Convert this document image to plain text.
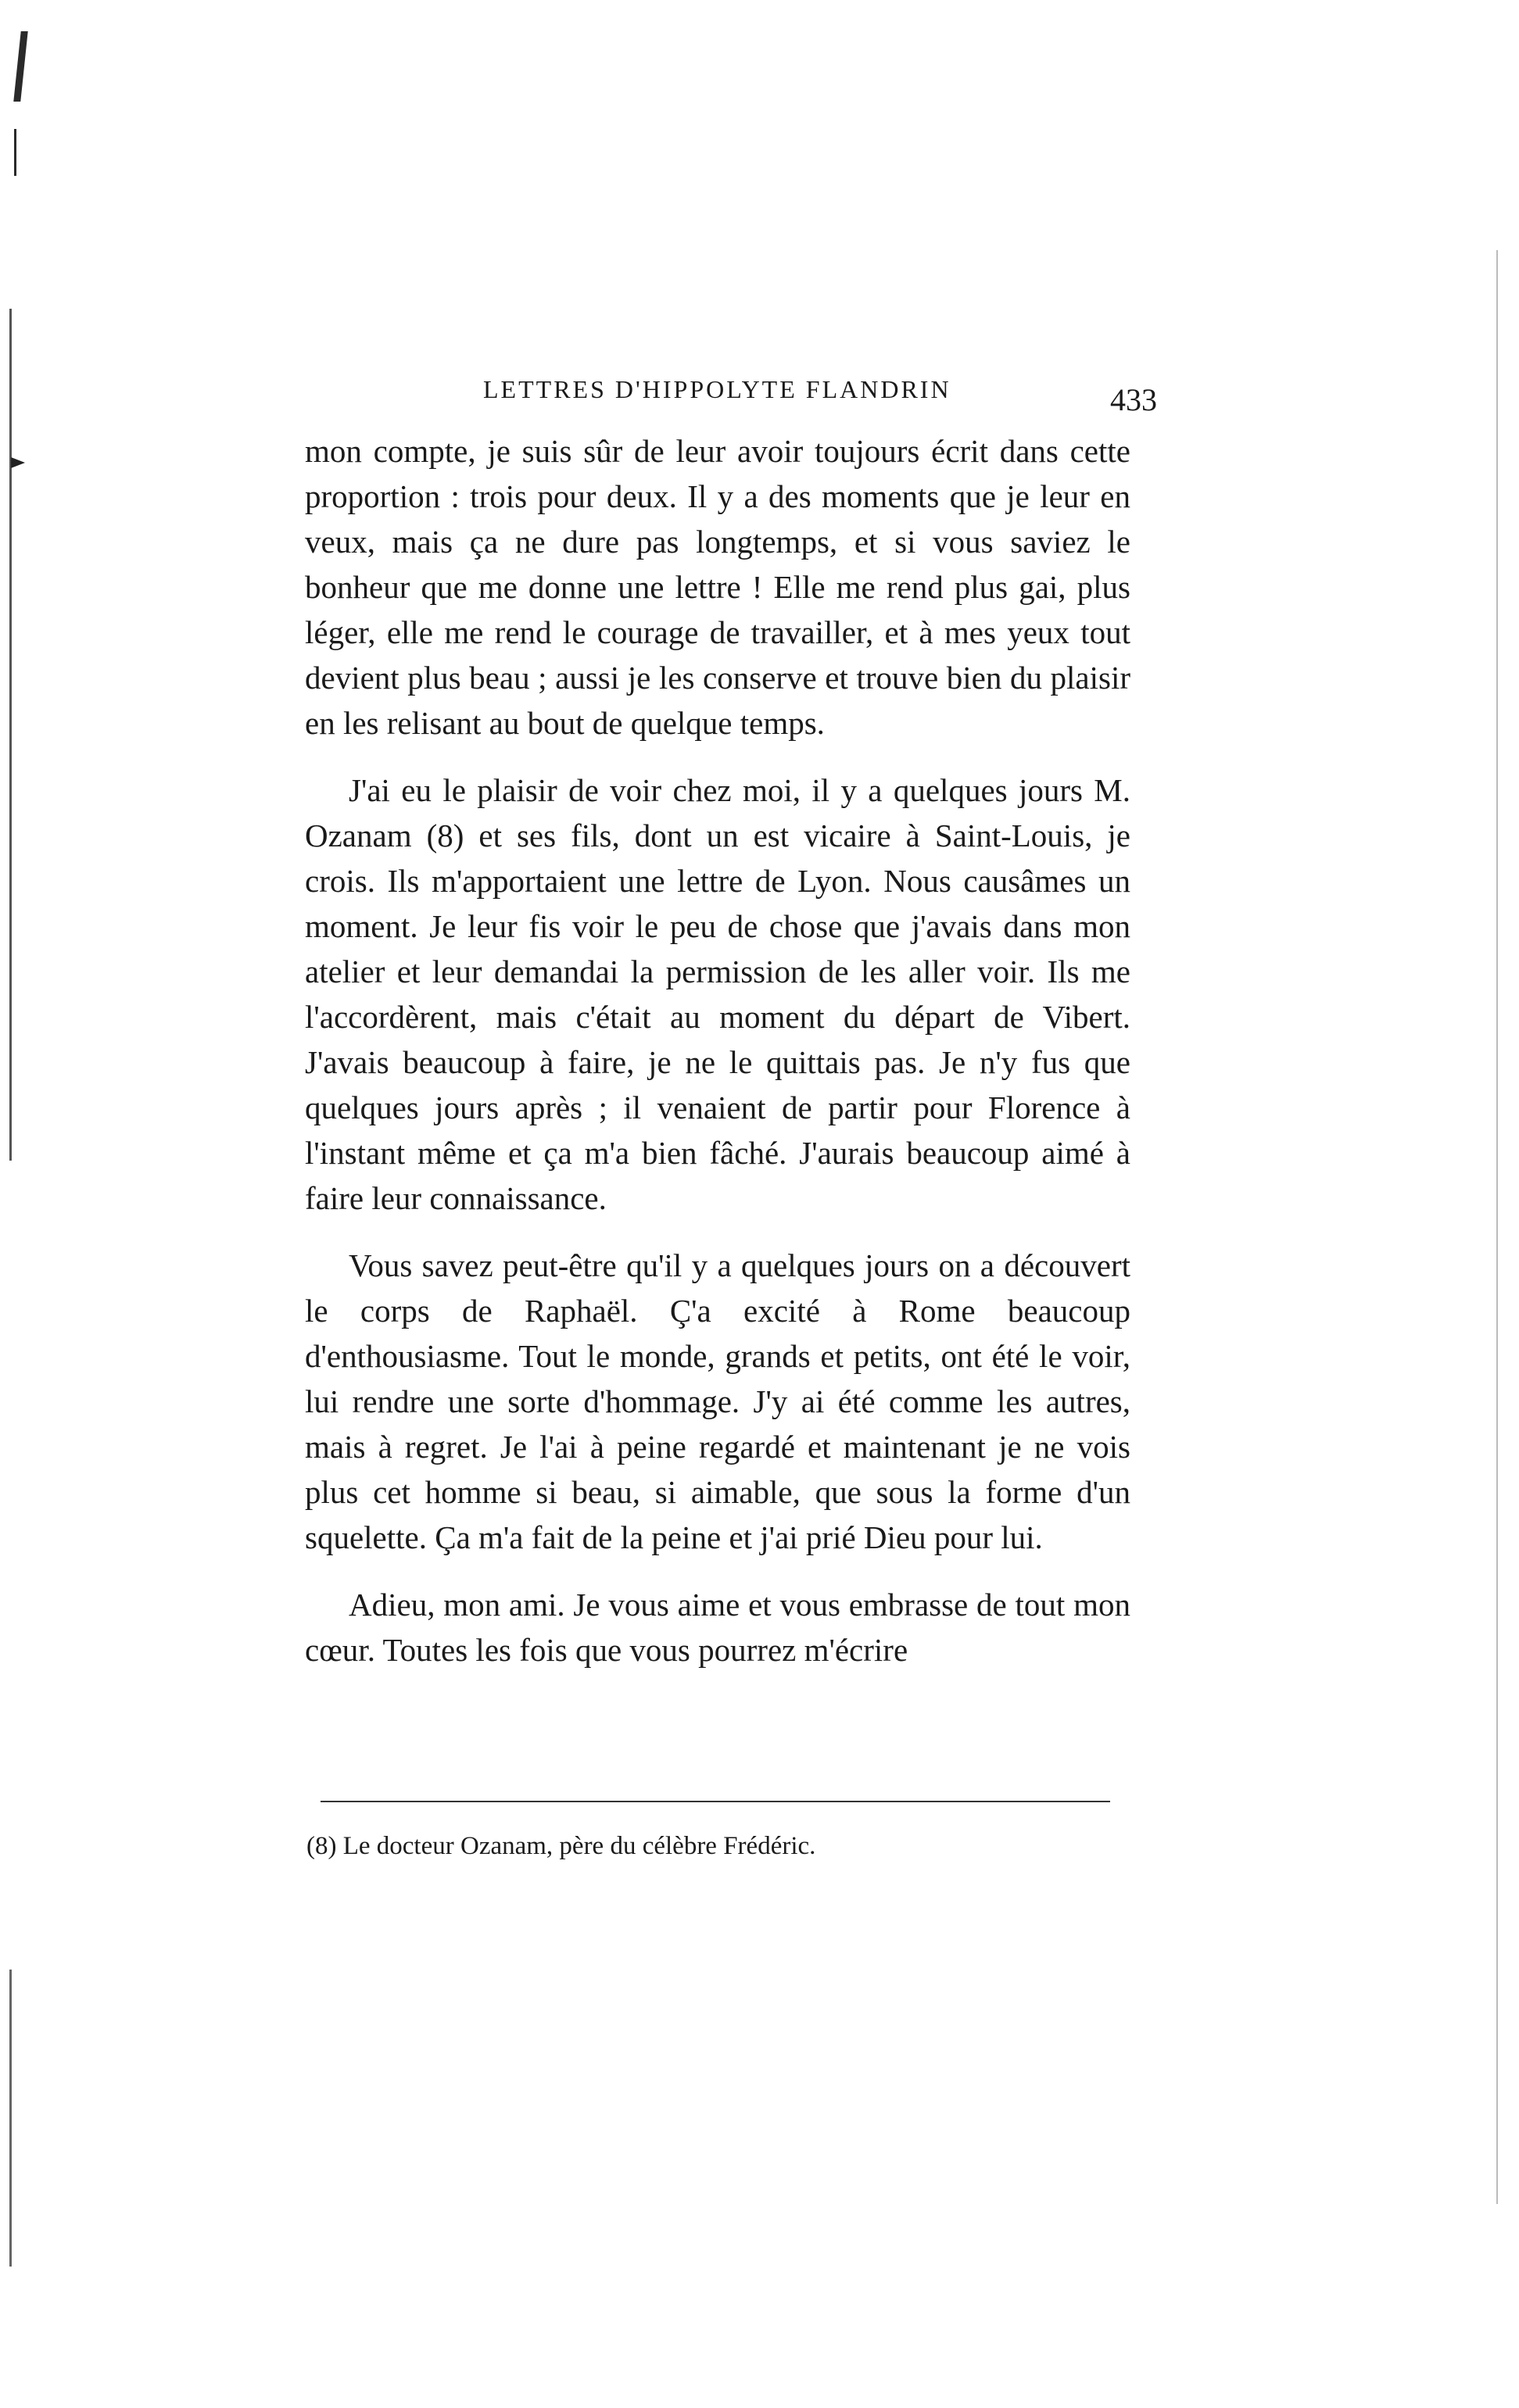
LETTRES D'HIPPOLYTE FLANDRIN	433

mon compte, je suis sûr de leur avoir toujours écrit dans cette proportion : trois pour deux. Il y a des moments que je leur en veux, mais ça ne dure pas longtemps, et si vous saviez le bonheur que me donne une lettre ! Elle me rend plus gai, plus léger, elle me rend le courage de travailler, et à mes yeux tout devient plus beau ; aussi je les conserve et trouve bien du plaisir en les relisant au bout de quelque temps.

J'ai eu le plaisir de voir chez moi, il y a quelques jours M. Ozanam (8) et ses fils, dont un est vicaire à Saint-Louis, je crois. Ils m'apportaient une lettre de Lyon. Nous causâmes un moment. Je leur fis voir le peu de chose que j'avais dans mon atelier et leur demandai la permission de les aller voir. Ils me l'accordèrent, mais c'était au moment du départ de Vibert. J'avais beaucoup à faire, je ne le quittais pas. Je n'y fus que quelques jours après ; il venaient de partir pour Florence à l'instant même et ça m'a bien fâché. J'aurais beaucoup aimé à faire leur connaissance.

Vous savez peut-être qu'il y a quelques jours on a découvert le corps de Raphaël. Ç'a excité à Rome beaucoup d'enthousiasme. Tout le monde, grands et petits, ont été le voir, lui rendre une sorte d'hommage. J'y ai été comme les autres, mais à regret. Je l'ai à peine regardé et maintenant je ne vois plus cet homme si beau, si aimable, que sous la forme d'un squelette. Ça m'a fait de la peine et j'ai prié Dieu pour lui.

Adieu, mon ami. Je vous aime et vous embrasse de tout mon cœur. Toutes les fois que vous pourrez m'écrire

(8) Le docteur Ozanam, père du célèbre Frédéric.
